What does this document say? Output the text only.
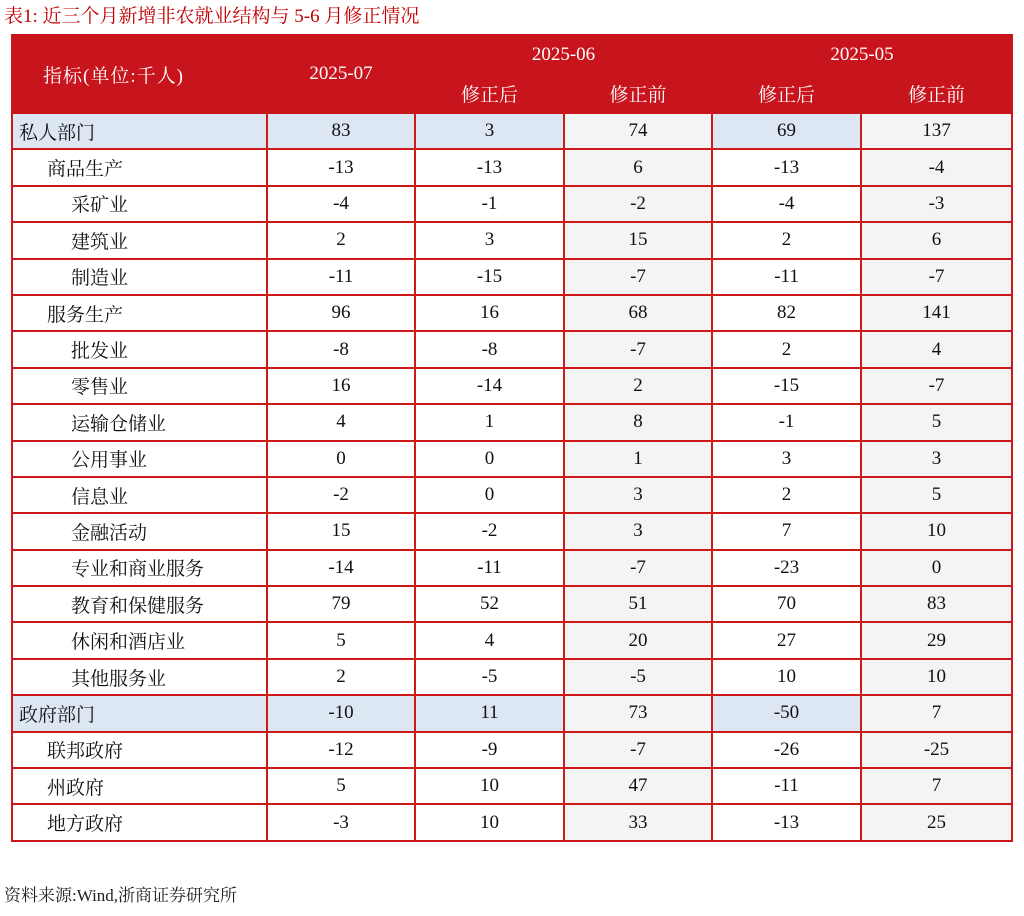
表1: 近三个月新增非农就业结构与 5-6 月修正情况
指标(单位:千人)	2025-07	2025-06		2025-05	
		修正后	修正前	修正后	修正前
私人部门	83	3	74	69	137
商品生产	-13	-13	6	-13	-4
采矿业	-4	-1	-2	-4	-3
建筑业	2	3	15	2	6
制造业	-11	-15	-7	-11	-7
服务生产	96	16	68	82	141
批发业	-8	-8	-7	2	4
零售业	16	-14	2	-15	-7
运输仓储业	4	1	8	-1	5
公用事业	0	0	1	3	3
信息业	-2	0	3	2	5
金融活动	15	-2	3	7	10
专业和商业服务	-14	-11	-7	-23	0
教育和保健服务	79	52	51	70	83
休闲和酒店业	5	4	20	27	29
其他服务业	2	-5	-5	10	10
政府部门	-10	11	73	-50	7
联邦政府	-12	-9	-7	-26	-25
州政府	5	10	47	-11	7
地方政府	-3	10	33	-13	25
资料来源:Wind,浙商证券研究所
